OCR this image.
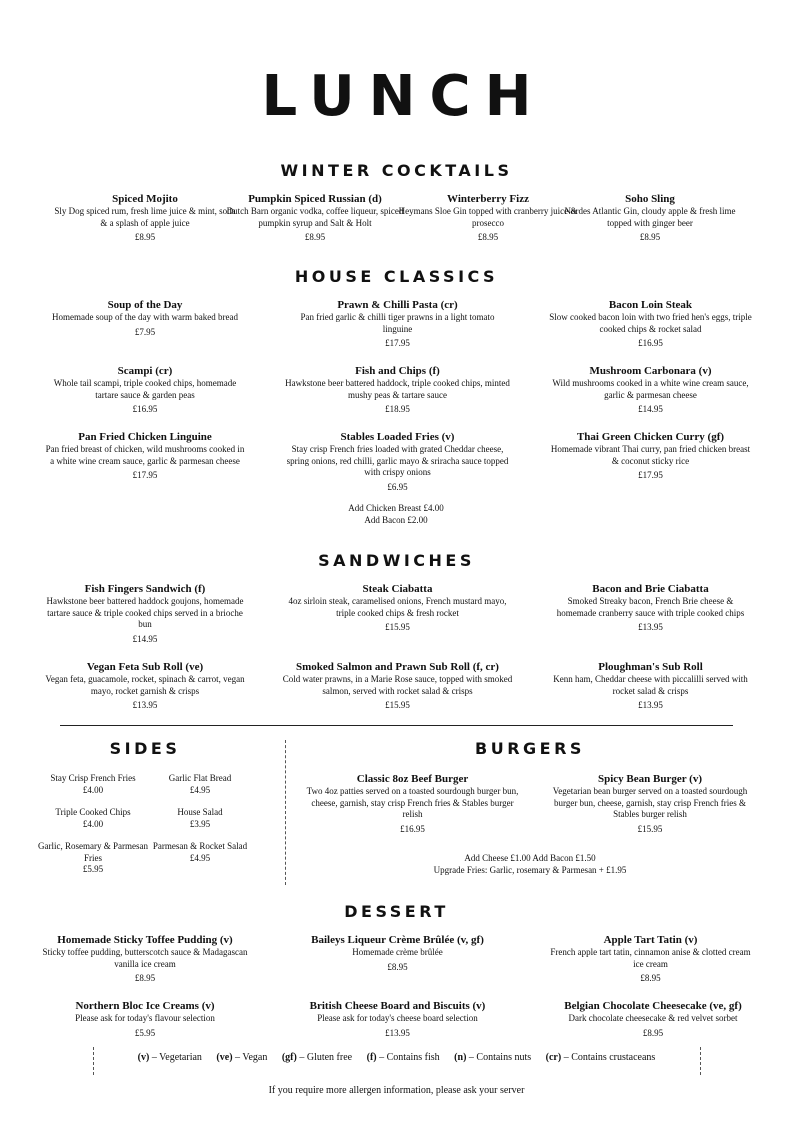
LUNCH
WINTER COCKTAILS
Spiced Mojito
Sly Dog spiced rum, fresh lime juice & mint, soda & a splash of apple juice
£8.95
Pumpkin Spiced Russian (d)
Dutch Barn organic vodka, coffee liqueur, spiced pumpkin syrup and Salt & Holt
£8.95
Winterberry Fizz
Heymans Sloe Gin topped with cranberry juice & prosecco
£8.95
Soho Sling
Nordes Atlantic Gin, cloudy apple & fresh lime topped with ginger beer
£8.95
HOUSE CLASSICS
Soup of the Day
Homemade soup of the day with warm baked bread
£7.95
Prawn & Chilli Pasta (cr)
Pan fried garlic & chilli tiger prawns in a light tomato linguine
£17.95
Bacon Loin Steak
Slow cooked bacon loin with two fried hen's eggs, triple cooked chips & rocket salad
£16.95
Scampi (cr)
Whole tail scampi, triple cooked chips, homemade tartare sauce & garden peas
£16.95
Fish and Chips (f)
Hawkstone beer battered haddock, triple cooked chips, minted mushy peas & tartare sauce
£18.95
Mushroom Carbonara (v)
Wild mushrooms cooked in a white wine cream sauce, garlic & parmesan cheese
£14.95
Pan Fried Chicken Linguine
Pan fried breast of chicken, wild mushrooms cooked in a white wine cream sauce, garlic & parmesan cheese
£17.95
Stables Loaded Fries (v)
Stay crisp French fries loaded with grated Cheddar cheese, spring onions, red chilli, garlic mayo & sriracha sauce topped with crispy onions
£6.95
Thai Green Chicken Curry (gf)
Homemade vibrant Thai curry, pan fried chicken breast & coconut sticky rice
£17.95
Add Chicken Breast £4.00
Add Bacon £2.00
SANDWICHES
Fish Fingers Sandwich (f)
Hawkstone beer battered haddock goujons, homemade tartare sauce & triple cooked chips served in a brioche bun
£14.95
Steak Ciabatta
4oz sirloin steak, caramelised onions, French mustard mayo, triple cooked chips & fresh rocket
£15.95
Bacon and Brie Ciabatta
Smoked Streaky bacon, French Brie cheese & homemade cranberry sauce with triple cooked chips
£13.95
Vegan Feta Sub Roll (ve)
Vegan feta, guacamole, rocket, spinach & carrot, vegan mayo, rocket garnish & crisps
£13.95
Smoked Salmon and Prawn Sub Roll (f, cr)
Cold water prawns, in a Marie Rose sauce, topped with smoked salmon, served with rocket salad & crisps
£15.95
Ploughman's Sub Roll
Kenn ham, Cheddar cheese with piccalilli served with rocket salad & crisps
£13.95
SIDES
Stay Crisp French Fries
£4.00
Garlic Flat Bread
£4.95
Triple Cooked Chips
£4.00
House Salad
£3.95
Garlic, Rosemary & Parmesan Fries
£5.95
Parmesan & Rocket Salad
£4.95
BURGERS
Classic 8oz Beef Burger
Two 4oz patties served on a toasted sourdough burger bun, cheese, garnish, stay crisp French fries & Stables burger relish
£16.95
Spicy Bean Burger (v)
Vegetarian bean burger served on a toasted sourdough burger bun, cheese, garnish, stay crisp French fries & Stables burger relish
£15.95
Add Cheese £1.00 Add Bacon £1.50
Upgrade Fries: Garlic, rosemary & Parmesan + £1.95
DESSERT
Homemade Sticky Toffee Pudding (v)
Sticky toffee pudding, butterscotch sauce & Madagascan vanilla ice cream
£8.95
Baileys Liqueur Crème Brûlée (v, gf)
Homemade crème brûlée
£8.95
Apple Tart Tatin (v)
French apple tart tatin, cinnamon anise & clotted cream ice cream
£8.95
Northern Bloc Ice Creams (v)
Please ask for today's flavour selection
£5.95
British Cheese Board and Biscuits (v)
Please ask for today's cheese board selection
£13.95
Belgian Chocolate Cheesecake (ve, gf)
Dark chocolate cheesecake & red velvet sorbet
£8.95
(v) – Vegetarian (ve) – Vegan (gf) – Gluten free (f) – Contains fish (n) – Contains nuts (cr) – Contains crustaceans
If you require more allergen information, please ask your server
